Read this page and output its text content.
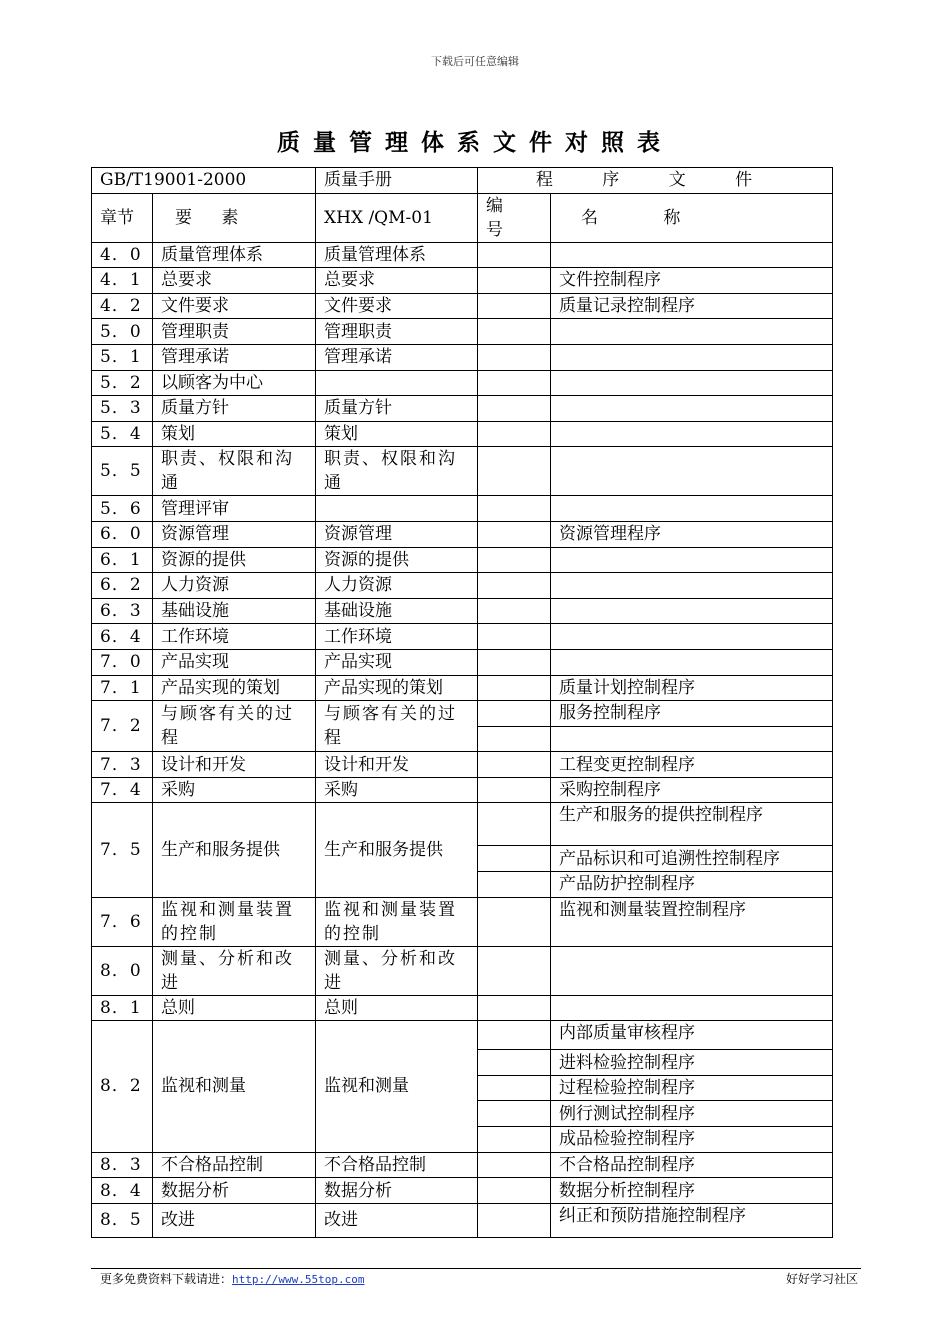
下载后可任意编辑
质量管理体系文件对照表
GB/T19001-2000		质量手册	程 序 文 件	
章节	要 素	XHX /QM-01	编 号	名 称
4．0	质量管理体系	质量管理体系		
4．1	总要求	总要求		文件控制程序
4．2	文件要求	文件要求		质量记录控制程序
5．0	管理职责	管理职责		
5．1	管理承诺	管理承诺		
5．2	以顾客为中心			
5．3	质量方针	质量方针		
5．4	策划	策划		
5．5	职责、权限和沟通	职责、权限和沟通		
5．6	管理评审			
6．0	资源管理	资源管理		资源管理程序
6．1	资源的提供	资源的提供		
6．2	人力资源	人力资源		
6．3	基础设施	基础设施		
6．4	工作环境	工作环境		
7．0	产品实现	产品实现		
7．1	产品实现的策划	产品实现的策划		质量计划控制程序
7．2	与顾客有关的过程	与顾客有关的过程		服务控制程序

7．3	设计和开发	设计和开发		工程变更控制程序
7．4	采购	采购		采购控制程序
7．5	生产和服务提供	生产和服务提供		生产和服务的提供控制程序
				产品标识和可追溯性控制程序
				产品防护控制程序
7．6	监视和测量装置的控制	监视和测量装置的控制		监视和测量装置控制程序
8．0	测量、分析和改进	测量、分析和改进		
8．1	总则	总则		
8．2	监视和测量	监视和测量		内部质量审核程序
				进料检验控制程序
				过程检验控制程序
				例行测试控制程序
				成品检验控制程序
8．3	不合格品控制	不合格品控制		不合格品控制程序
8．4	数据分析	数据分析		数据分析控制程序
8．5	改进	改进		纠正和预防措施控制程序
更多免费资料下载请进：http://www.55top.com	好好学习社区
